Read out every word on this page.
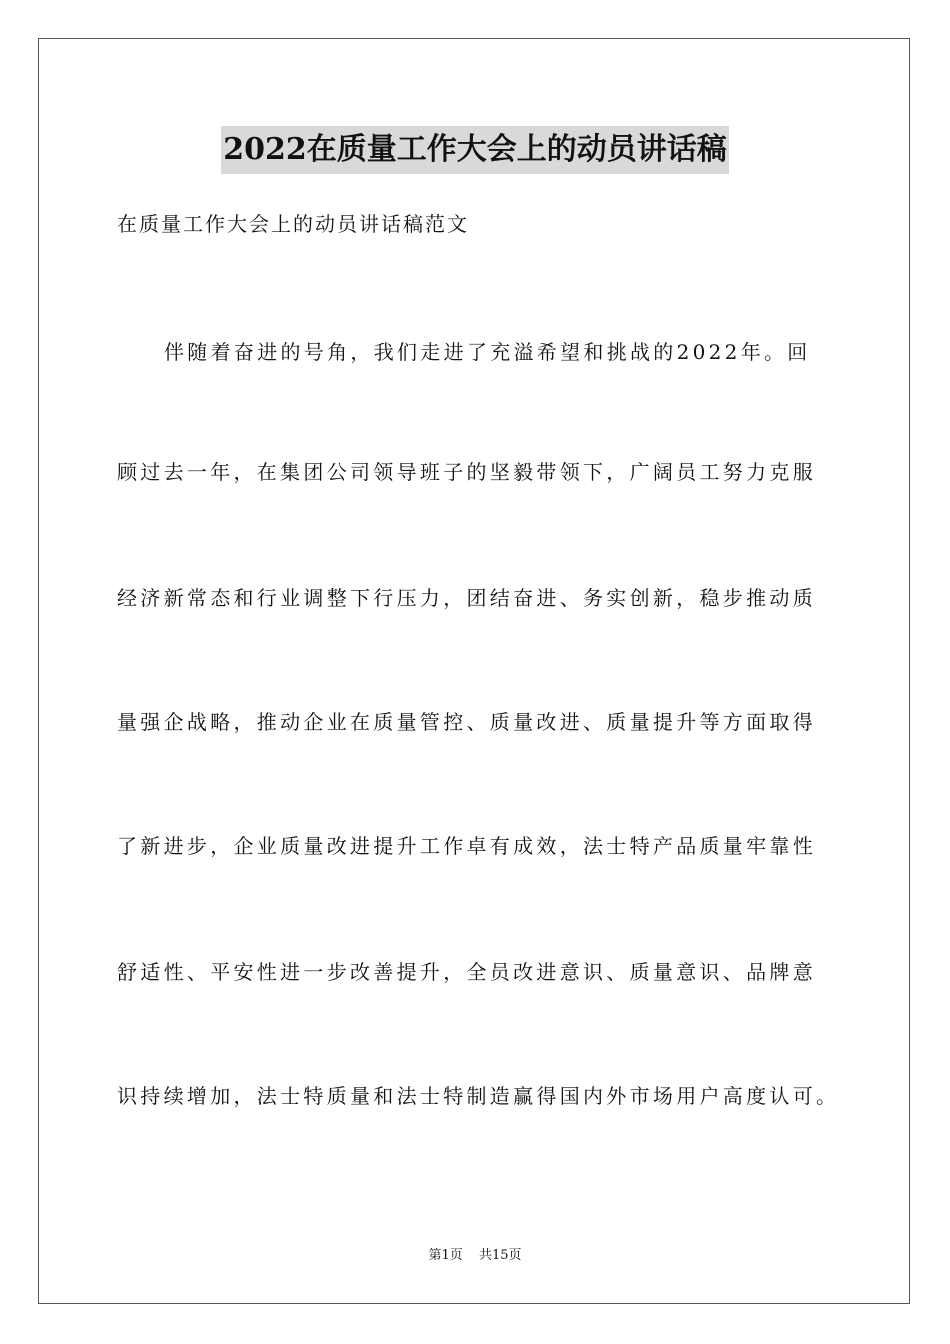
2022在质量工作大会上的动员讲话稿

在质量工作大会上的动员讲话稿范文

伴随着奋进的号角，我们走进了充溢希望和挑战的2022年。回

顾过去一年，在集团公司领导班子的坚毅带领下，广阔员工努力克服

经济新常态和行业调整下行压力，团结奋进、务实创新，稳步推动质

量强企战略，推动企业在质量管控、质量改进、质量提升等方面取得

了新进步，企业质量改进提升工作卓有成效，法士特产品质量牢靠性

舒适性、平安性进一步改善提升，全员改进意识、质量意识、品牌意

识持续增加，法士特质量和法士特制造赢得国内外市场用户高度认可。

第1页 共15页
